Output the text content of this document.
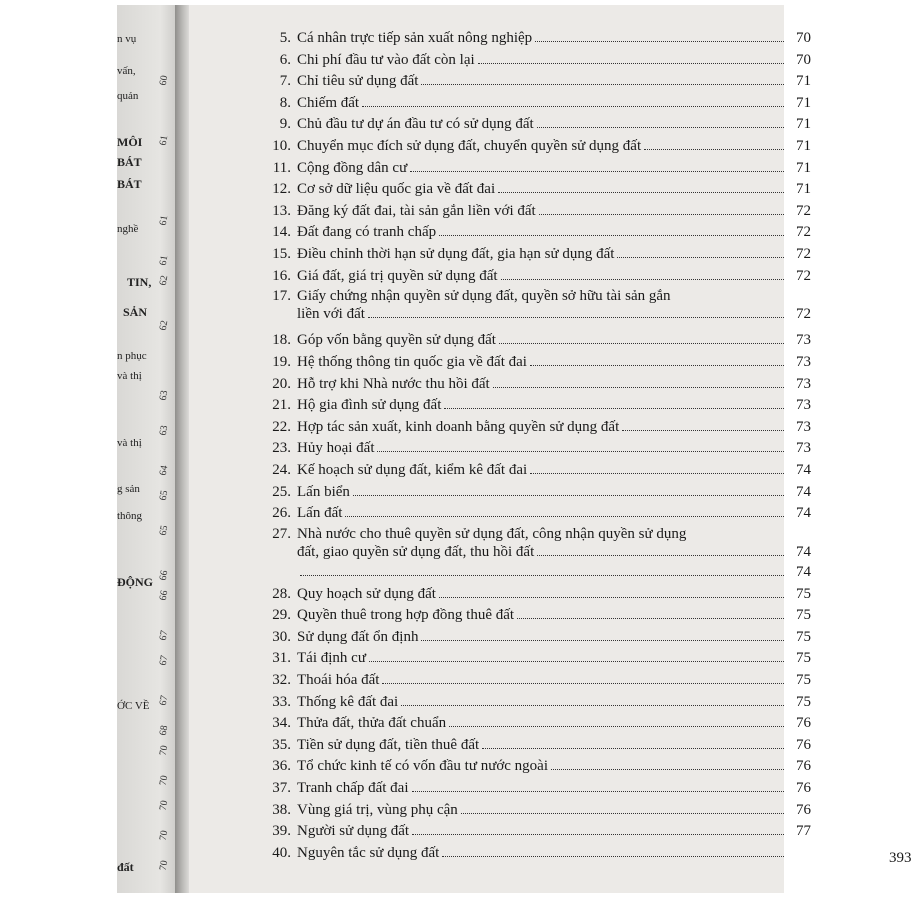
n vụ
vấn,
quản
MÔI
BÁT
BÁT
nghề
TIN,
SẢN
n phục
và thị
và thị
g sản
thông
ĐỘNG
ỚC VỀ
đất
60
61
61
61
62
62
63
63
64
65
65
66
66
67
67
67
68
70
70
70
70
70	393
5. Cá nhân trực tiếp sản xuất nông nghiệp	70
6. Chi phí đầu tư vào đất còn lại	70
7. Chỉ tiêu sử dụng đất	71
8. Chiếm đất	71
9. Chủ đầu tư dự án đầu tư có sử dụng đất	71
10. Chuyển mục đích sử dụng đất, chuyển quyền sử dụng đất	71
11. Cộng đồng dân cư	71
12. Cơ sở dữ liệu quốc gia về đất đai	71
13. Đăng ký đất đai, tài sản gắn liền với đất	72
14. Đất đang có tranh chấp	72
15. Điều chỉnh thời hạn sử dụng đất, gia hạn sử dụng đất	72
16. Giá đất, giá trị quyền sử dụng đất	72
17. Giấy chứng nhận quyền sử dụng đất, quyền sở hữu tài sản gắn
liền với đất	72
18. Góp vốn bằng quyền sử dụng đất	73
19. Hệ thống thông tin quốc gia về đất đai	73
20. Hỗ trợ khi Nhà nước thu hồi đất	73
21. Hộ gia đình sử dụng đất	73
22. Hợp tác sản xuất, kinh doanh bằng quyền sử dụng đất	73
23. Hủy hoại đất	73
24. Kế hoạch sử dụng đất, kiểm kê đất đai	74
25. Lấn biển	74
26. Lấn đất	74
27. Nhà nước cho thuê quyền sử dụng đất, công nhận quyền sử dụng
đất, giao quyền sử dụng đất, thu hồi đất	74
74
28. Quy hoạch sử dụng đất	75
29. Quyền thuê trong hợp đồng thuê đất	75
30. Sử dụng đất ổn định	75
31. Tái định cư	75
32. Thoái hóa đất	75
33. Thống kê đất đai	75
34. Thửa đất, thửa đất chuẩn	76
35. Tiền sử dụng đất, tiền thuê đất	76
36. Tổ chức kinh tế có vốn đầu tư nước ngoài	76
37. Tranh chấp đất đai	76
38. Vùng giá trị, vùng phụ cận	76
39. Người sử dụng đất	77
40. Nguyên tắc sử dụng đất
